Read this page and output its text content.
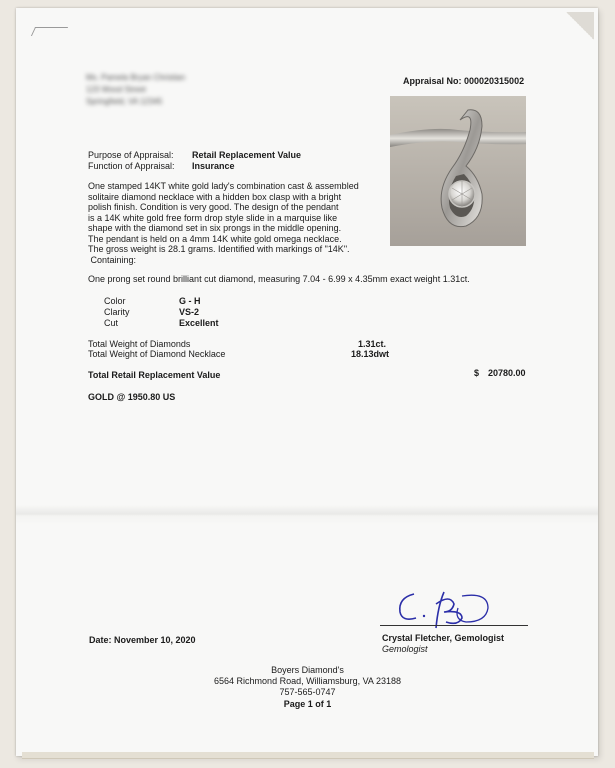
Ms. Pamela Bryan Christian
123 Wood Street
Springfield, VA 12345
Appraisal No: 000020315002
Purpose of Appraisal: Retail Replacement Value
Function of Appraisal: Insurance
One stamped 14KT white gold lady's combination cast & assembled
solitaire diamond necklace with a hidden box clasp with a bright
polish finish. Condition is very good. The design of the pendant
is a 14K white gold free form drop style slide in a marquise like
shape with the diamond set in six prongs in the middle opening.
The pendant is held on a 4mm 14K white gold omega necklace.
The gross weight is 28.1 grams. Identified with markings of "14K".
Containing:
One prong set round brilliant cut diamond, measuring 7.04 - 6.99 x 4.35mm exact weight 1.31ct.
Color	G - H
Clarity	VS-2
Cut	Excellent
Total Weight of Diamonds	1.31ct.
Total Weight of Diamond Necklace	18.13dwt
Total Retail Replacement Value	$ 20780.00
GOLD @ 1950.80 US
Date: November 10, 2020	Crystal Fletcher, Gemologist
Gemologist
Boyers Diamond's
6564 Richmond Road, Williamsburg, VA 23188
757-565-0747
Page 1 of 1
